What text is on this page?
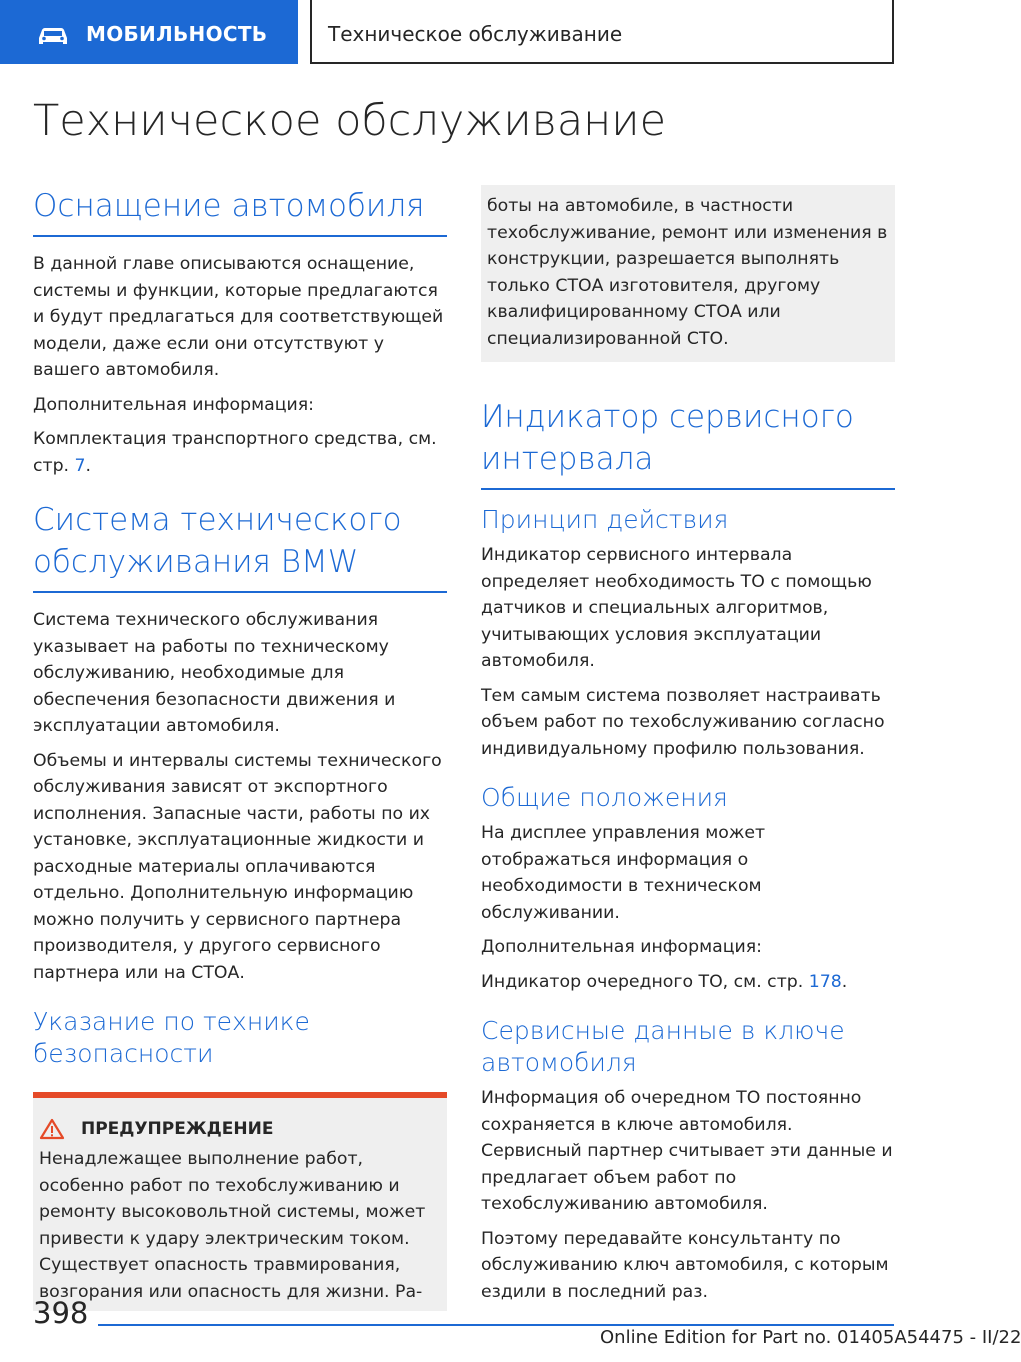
МОБИЛЬНОСТЬ	Техническое обслуживание
Техническое обслуживание
Оснащение автомобиля

В данной главе описываются оснащение, системы и функции, которые предлагаются и будут предлагаться для соответствующей модели, даже если они отсутствуют у вашего автомобиля.

Дополнительная информация:

Комплектация транспортного средства, см. стр. 7.

Система технического обслуживания BMW

Система технического обслуживания указывает на работы по техническому обслуживанию, необходимые для обеспечения безопасности движения и эксплуатации автомобиля.

Объемы и интервалы системы технического обслуживания зависят от экспортного исполнения. Запасные части, работы по их установке, эксплуатационные жидкости и расходные материалы оплачиваются отдельно. Дополнительную информацию можно получить у сервисного партнера производителя, у другого сервисного партнера или на СТОА.

Указание по технике безопасности
ПРЕДУПРЕЖДЕНИЕ

Ненадлежащее выполнение работ, особенно работ по техобслуживанию и ремонту высоковольтной системы, может привести к удару электрическим током. Существует опасность травмирования, возгорания или опасность для жизни. Ра-

боты на автомобиле, в частности техобслуживание, ремонт или изменения в конструкции, разрешается выполнять только СТОА изготовителя, другому квалифицированному СТОА или специализированной СТО.

Индикатор сервисного интервала
Принцип действия

Индикатор сервисного интервала определяет необходимость ТО с помощью датчиков и специальных алгоритмов, учитывающих условия эксплуатации автомобиля.

Тем самым система позволяет настраивать объем работ по техобслуживанию согласно индивидуальному профилю пользования.

Общие положения

На дисплее управления может отображаться информация о необходимости в техническом обслуживании.

Дополнительная информация:

Индикатор очередного ТО, см. стр. 178.

Сервисные данные в ключе автомобиля

Информация об очередном ТО постоянно сохраняется в ключе автомобиля. Сервисный партнер считывает эти данные и предлагает объем работ по техобслуживанию автомобиля.

Поэтому передавайте консультанту по обслуживанию ключ автомобиля, с которым ездили в последний раз.

398
Online Edition for Part no. 01405A54475 - II/22
